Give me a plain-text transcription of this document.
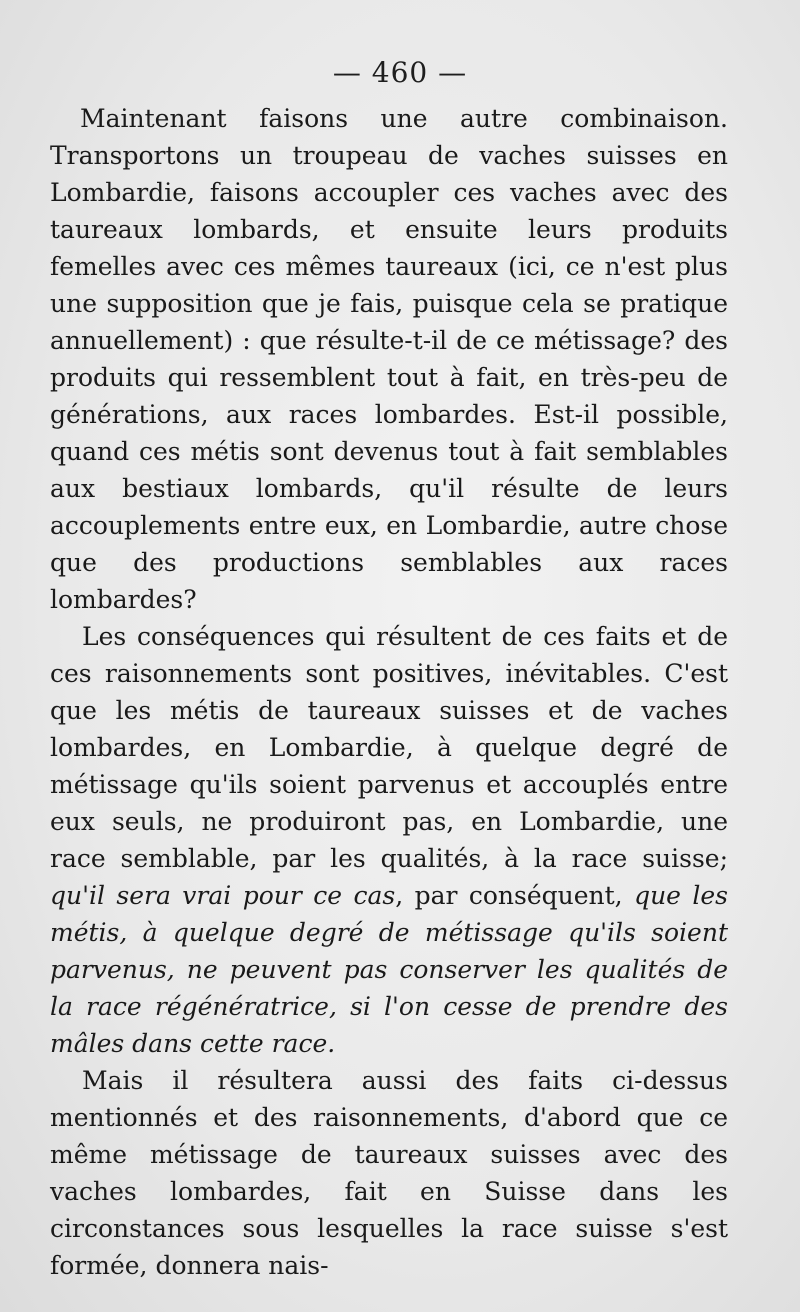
— 460 —

Maintenant faisons une autre combinaison. Transportons un troupeau de vaches suisses en Lombardie, faisons accoupler ces vaches avec des taureaux lombards, et ensuite leurs produits femelles avec ces mêmes taureaux (ici, ce n'est plus une supposition que je fais, puisque cela se pratique annuellement) : que résulte-t-il de ce métissage? des produits qui ressemblent tout à fait, en très-peu de générations, aux races lombardes. Est-il possible, quand ces métis sont devenus tout à fait semblables aux bestiaux lombards, qu'il résulte de leurs accouplements entre eux, en Lombardie, autre chose que des productions semblables aux races lombardes?

Les conséquences qui résultent de ces faits et de ces raisonnements sont positives, inévitables. C'est que les métis de taureaux suisses et de vaches lombardes, en Lombardie, à quelque degré de métissage qu'ils soient parvenus et accouplés entre eux seuls, ne produiront pas, en Lombardie, une race semblable, par les qualités, à la race suisse; qu'il sera vrai pour ce cas, par conséquent, que les métis, à quelque degré de métissage qu'ils soient parvenus, ne peuvent pas conserver les qualités de la race régénératrice, si l'on cesse de prendre des mâles dans cette race.

Mais il résultera aussi des faits ci-dessus mentionnés et des raisonnements, d'abord que ce même métissage de taureaux suisses avec des vaches lombardes, fait en Suisse dans les circonstances sous lesquelles la race suisse s'est formée, donnera nais-
